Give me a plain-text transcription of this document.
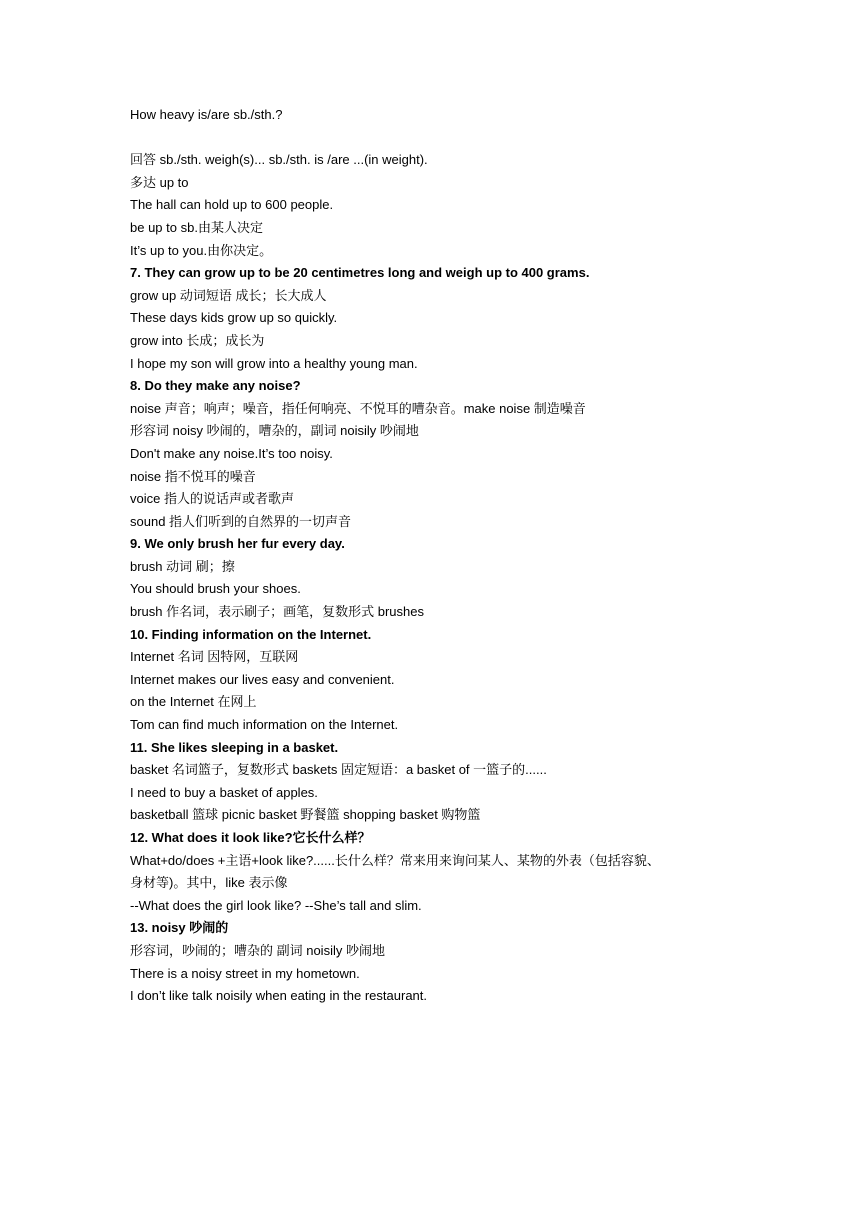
How heavy is/are sb./sth.?
回答 sb./sth. weigh(s)... sb./sth. is /are ...(in weight).
多达 up to
The hall can hold up to 600 people.
be up to sb.由某人决定
It’s up to you.由你决定。
7. They can grow up to be 20 centimetres long and weigh up to 400 grams.
grow up 动词短语 成长；长大成人
These days kids grow up so quickly.
grow into 长成；成长为
I hope my son will grow into a healthy young man.
8. Do they make any noise?
noise 声音；响声；噪音，指任何响亮、不悦耳的嘈杂音。make noise 制造噪音
形容词 noisy 吵闹的，嘈杂的，副词 noisily 吵闹地
Don't make any noise.It’s too noisy.
noise 指不悦耳的噪音
voice 指人的说话声或者歌声
sound 指人们听到的自然界的一切声音
9. We only brush her fur every day.
brush 动词 刷；擦
You should brush your shoes.
brush 作名词，表示刷子；画笔，复数形式 brushes
10. Finding information on the Internet.
Internet 名词 因特网，互联网
Internet makes our lives easy and convenient.
on the Internet 在网上
Tom can find much information on the Internet.
11. She likes sleeping in a basket.
basket 名词篮子，复数形式 baskets 固定短语：a basket of 一篮子的......
I need to buy a basket of apples.
basketball 篮球 picnic basket 野餐篮 shopping basket 购物篮
12. What does it look like?它长什么样？
What+do/does +主语+look like?......长什么样？常来用来询问某人、某物的外表（包括容貌、
身材等)。其中，like 表示像
--What does the girl look like? --She’s tall and slim.
13. noisy 吵闹的
形容词，吵闹的；嘈杂的 副词 noisily 吵闹地
There is a noisy street in my hometown.
I don’t like talk noisily when eating in the restaurant.
